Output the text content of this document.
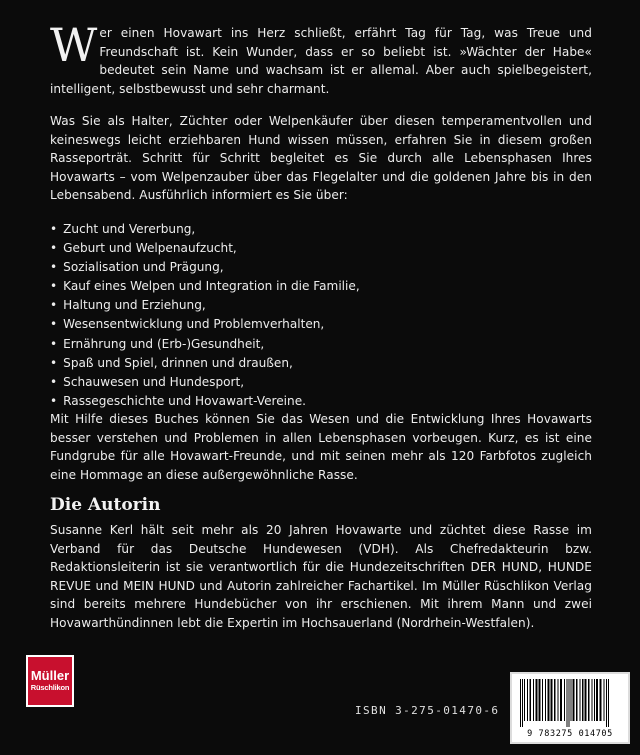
Wer einen Hovawart ins Herz schließt, erfährt Tag für Tag, was Treue und Freundschaft ist. Kein Wunder, dass er so beliebt ist. »Wächter der Habe« bedeutet sein Name und wachsam ist er allemal. Aber auch spielbegeistert, intelligent, selbstbewusst und sehr charmant.
Was Sie als Halter, Züchter oder Welpenkäufer über diesen temperamentvollen und keineswegs leicht erziehbaren Hund wissen müssen, erfahren Sie in diesem großen Rasseporträt. Schritt für Schritt begleitet es Sie durch alle Lebensphasen Ihres Hovawarts – vom Welpenzauber über das Flegelalter und die goldenen Jahre bis in den Lebensabend. Ausführlich informiert es Sie über:
• Zucht und Vererbung,
• Geburt und Welpenaufzucht,
• Sozialisation und Prägung,
• Kauf eines Welpen und Integration in die Familie,
• Haltung und Erziehung,
• Wesensentwicklung und Problemverhalten,
• Ernährung und (Erb-)Gesundheit,
• Spaß und Spiel, drinnen und draußen,
• Schauwesen und Hundesport,
• Rassegeschichte und Hovawart-Vereine.
Mit Hilfe dieses Buches können Sie das Wesen und die Entwicklung Ihres Hovawarts besser verstehen und Problemen in allen Lebensphasen vorbeugen. Kurz, es ist eine Fundgrube für alle Hovawart-Freunde, und mit seinen mehr als 120 Farbfotos zugleich eine Hommage an diese außergewöhnliche Rasse.
Die Autorin
Susanne Kerl hält seit mehr als 20 Jahren Hovawarte und züchtet diese Rasse im Verband für das Deutsche Hundewesen (VDH). Als Chefredakteurin bzw. Redaktionsleiterin ist sie verantwortlich für die Hundezeitschriften DER HUND, HUNDE REVUE und MEIN HUND und Autorin zahlreicher Fachartikel. Im Müller Rüschlikon Verlag sind bereits mehrere Hundebücher von ihr erschienen. Mit ihrem Mann und zwei Hovawarthündinnen lebt die Expertin im Hochsauerland (Nordrhein-Westfalen).
Müller
Rüschlikon
ISBN 3-275-01470-6
9 783275 014705
